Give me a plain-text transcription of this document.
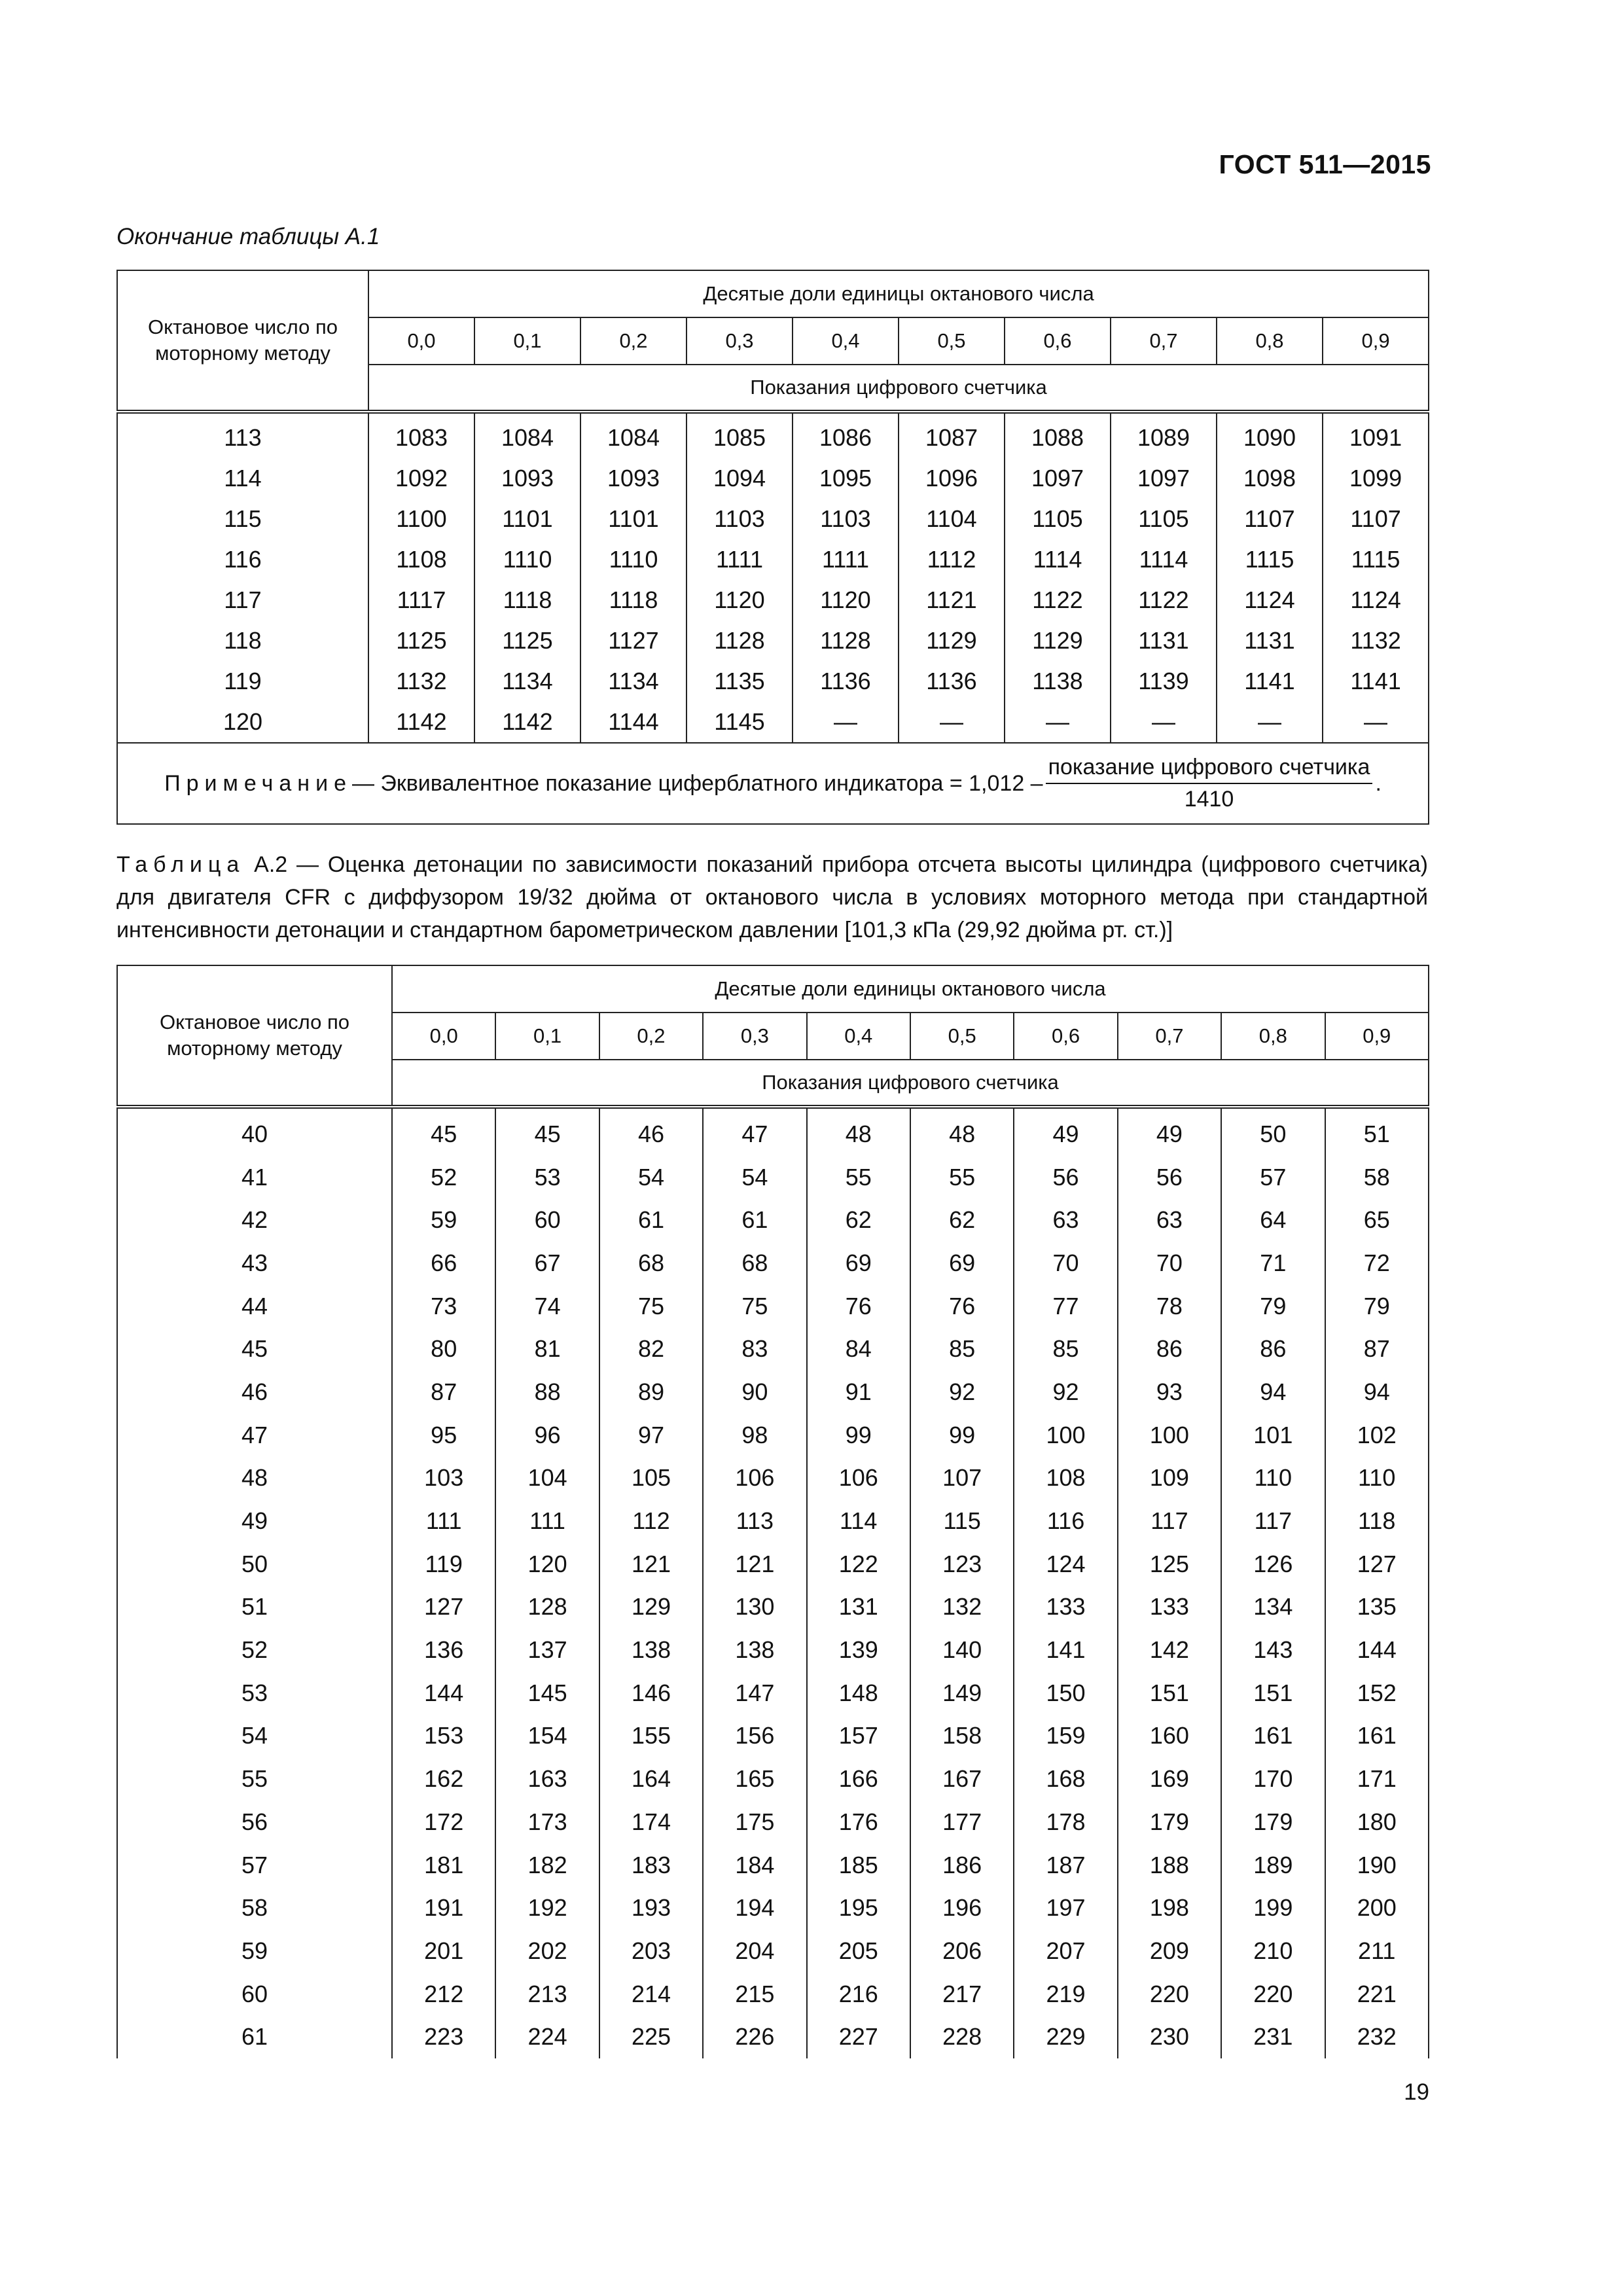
ГОСТ 511—2015
Окончание таблицы А.1
Октановое число по моторному методу	Десятые доли единицы октанового числа									
	0,0	0,1	0,2	0,3	0,4	0,5	0,6	0,7	0,8	0,9
	Показания цифрового счетчика									
113	1083	1084	1084	1085	1086	1087	1088	1089	1090	1091
114	1092	1093	1093	1094	1095	1096	1097	1097	1098	1099
115	1100	1101	1101	1103	1103	1104	1105	1105	1107	1107
116	1108	1110	1110	1111	1111	1112	1114	1114	1115	1115
117	1117	1118	1118	1120	1120	1121	1122	1122	1124	1124
118	1125	1125	1127	1128	1128	1129	1129	1131	1131	1132
119	1132	1134	1134	1135	1136	1136	1138	1139	1141	1141
120	1142	1142	1144	1145	—	—	—	—	—	—

Примечание — Эквивалентное показание циферблатного индикатора = $1,012 - \frac{\text{показание цифрового счетчика}}{1410}$ .										
Таблица А.2 — Оценка детонации по зависимости показаний прибора отсчета высоты цилиндра (цифрового счетчика) для двигателя CFR с диффузором 19/32 дюйма от октанового числа в условиях моторного метода при стандартной интенсивности детонации и стандартном барометрическом давлении [101,3 кПа (29,92 дюйма рт. ст.)]
Октановое число по моторному методу	Десятые доли единицы октанового числа									
	0,0	0,1	0,2	0,3	0,4	0,5	0,6	0,7	0,8	0,9
	Показания цифрового счетчика									
40	45	45	46	47	48	48	49	49	50	51
41	52	53	54	54	55	55	56	56	57	58
42	59	60	61	61	62	62	63	63	64	65
43	66	67	68	68	69	69	70	70	71	72
44	73	74	75	75	76	76	77	78	79	79
45	80	81	82	83	84	85	85	86	86	87
46	87	88	89	90	91	92	92	93	94	94
47	95	96	97	98	99	99	100	100	101	102
48	103	104	105	106	106	107	108	109	110	110
49	111	111	112	113	114	115	116	117	117	118
50	119	120	121	121	122	123	124	125	126	127
51	127	128	129	130	131	132	133	133	134	135
52	136	137	138	138	139	140	141	142	143	144
53	144	145	146	147	148	149	150	151	151	152
54	153	154	155	156	157	158	159	160	161	161
55	162	163	164	165	166	167	168	169	170	171
56	172	173	174	175	176	177	178	179	179	180
57	181	182	183	184	185	186	187	188	189	190
58	191	192	193	194	195	196	197	198	199	200
59	201	202	203	204	205	206	207	209	210	211
60	212	213	214	215	216	217	219	220	220	221
61	223	224	225	226	227	228	229	230	231	232
19
